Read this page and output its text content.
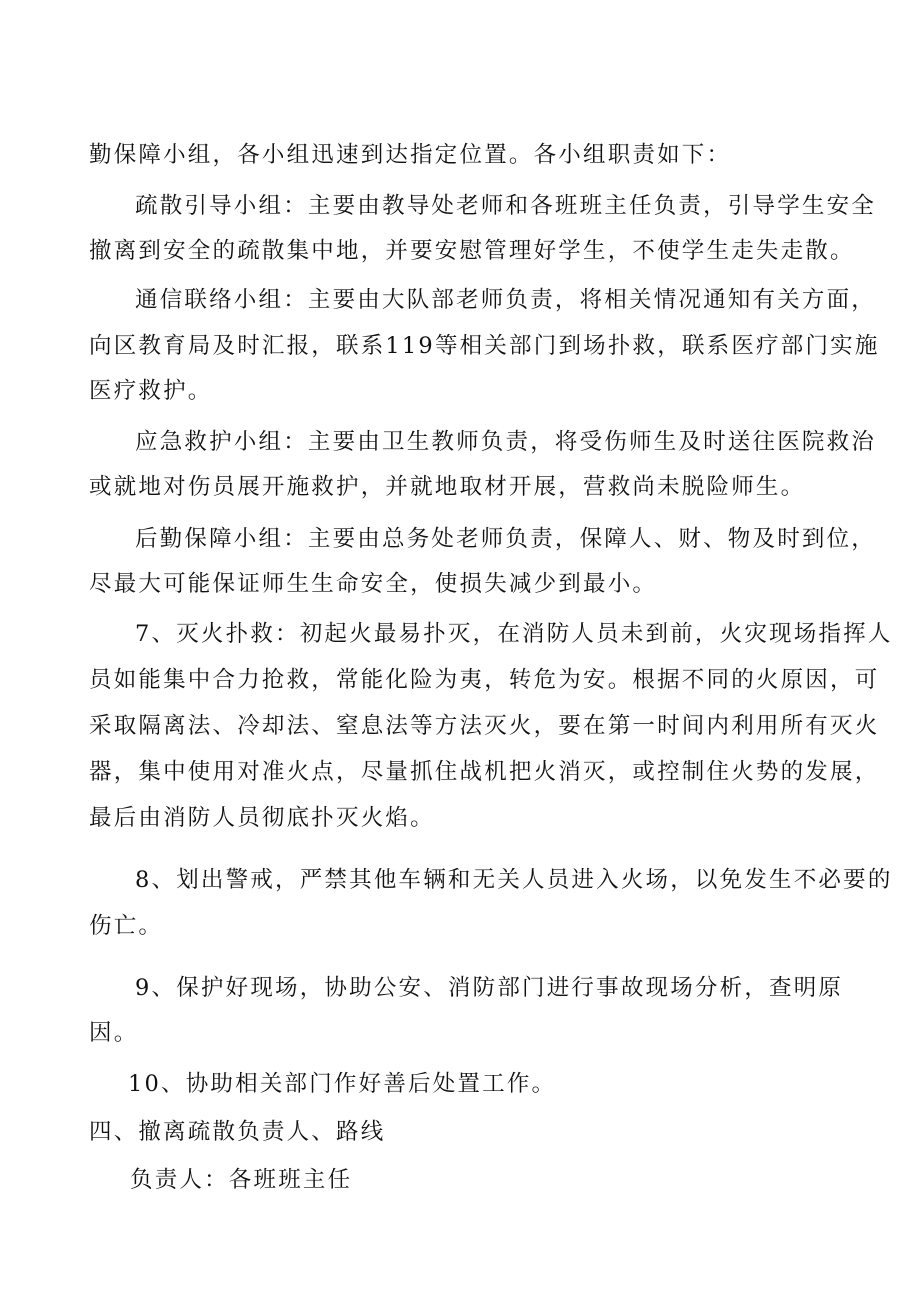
勤保障小组，各小组迅速到达指定位置。各小组职责如下：
疏散引导小组：主要由教导处老师和各班班主任负责，引导学生安全
撤离到安全的疏散集中地，并要安慰管理好学生，不使学生走失走散。
通信联络小组：主要由大队部老师负责，将相关情况通知有关方面，
向区教育局及时汇报，联系119等相关部门到场扑救，联系医疗部门实施
医疗救护。
应急救护小组：主要由卫生教师负责，将受伤师生及时送往医院救治
或就地对伤员展开施救护，并就地取材开展，营救尚未脱险师生。
后勤保障小组：主要由总务处老师负责，保障人、财、物及时到位，
尽最大可能保证师生生命安全，使损失减少到最小。
7、灭火扑救：初起火最易扑灭，在消防人员未到前，火灾现场指挥人
员如能集中合力抢救，常能化险为夷，转危为安。根据不同的火原因，可
采取隔离法、冷却法、窒息法等方法灭火，要在第一时间内利用所有灭火
器，集中使用对准火点，尽量抓住战机把火消灭，或控制住火势的发展，
最后由消防人员彻底扑灭火焰。
8、划出警戒，严禁其他车辆和无关人员进入火场，以免发生不必要的
伤亡。
9、保护好现场，协助公安、消防部门进行事故现场分析，查明原
因。
10、协助相关部门作好善后处置工作。
四、撤离疏散负责人、路线
负责人：各班班主任
